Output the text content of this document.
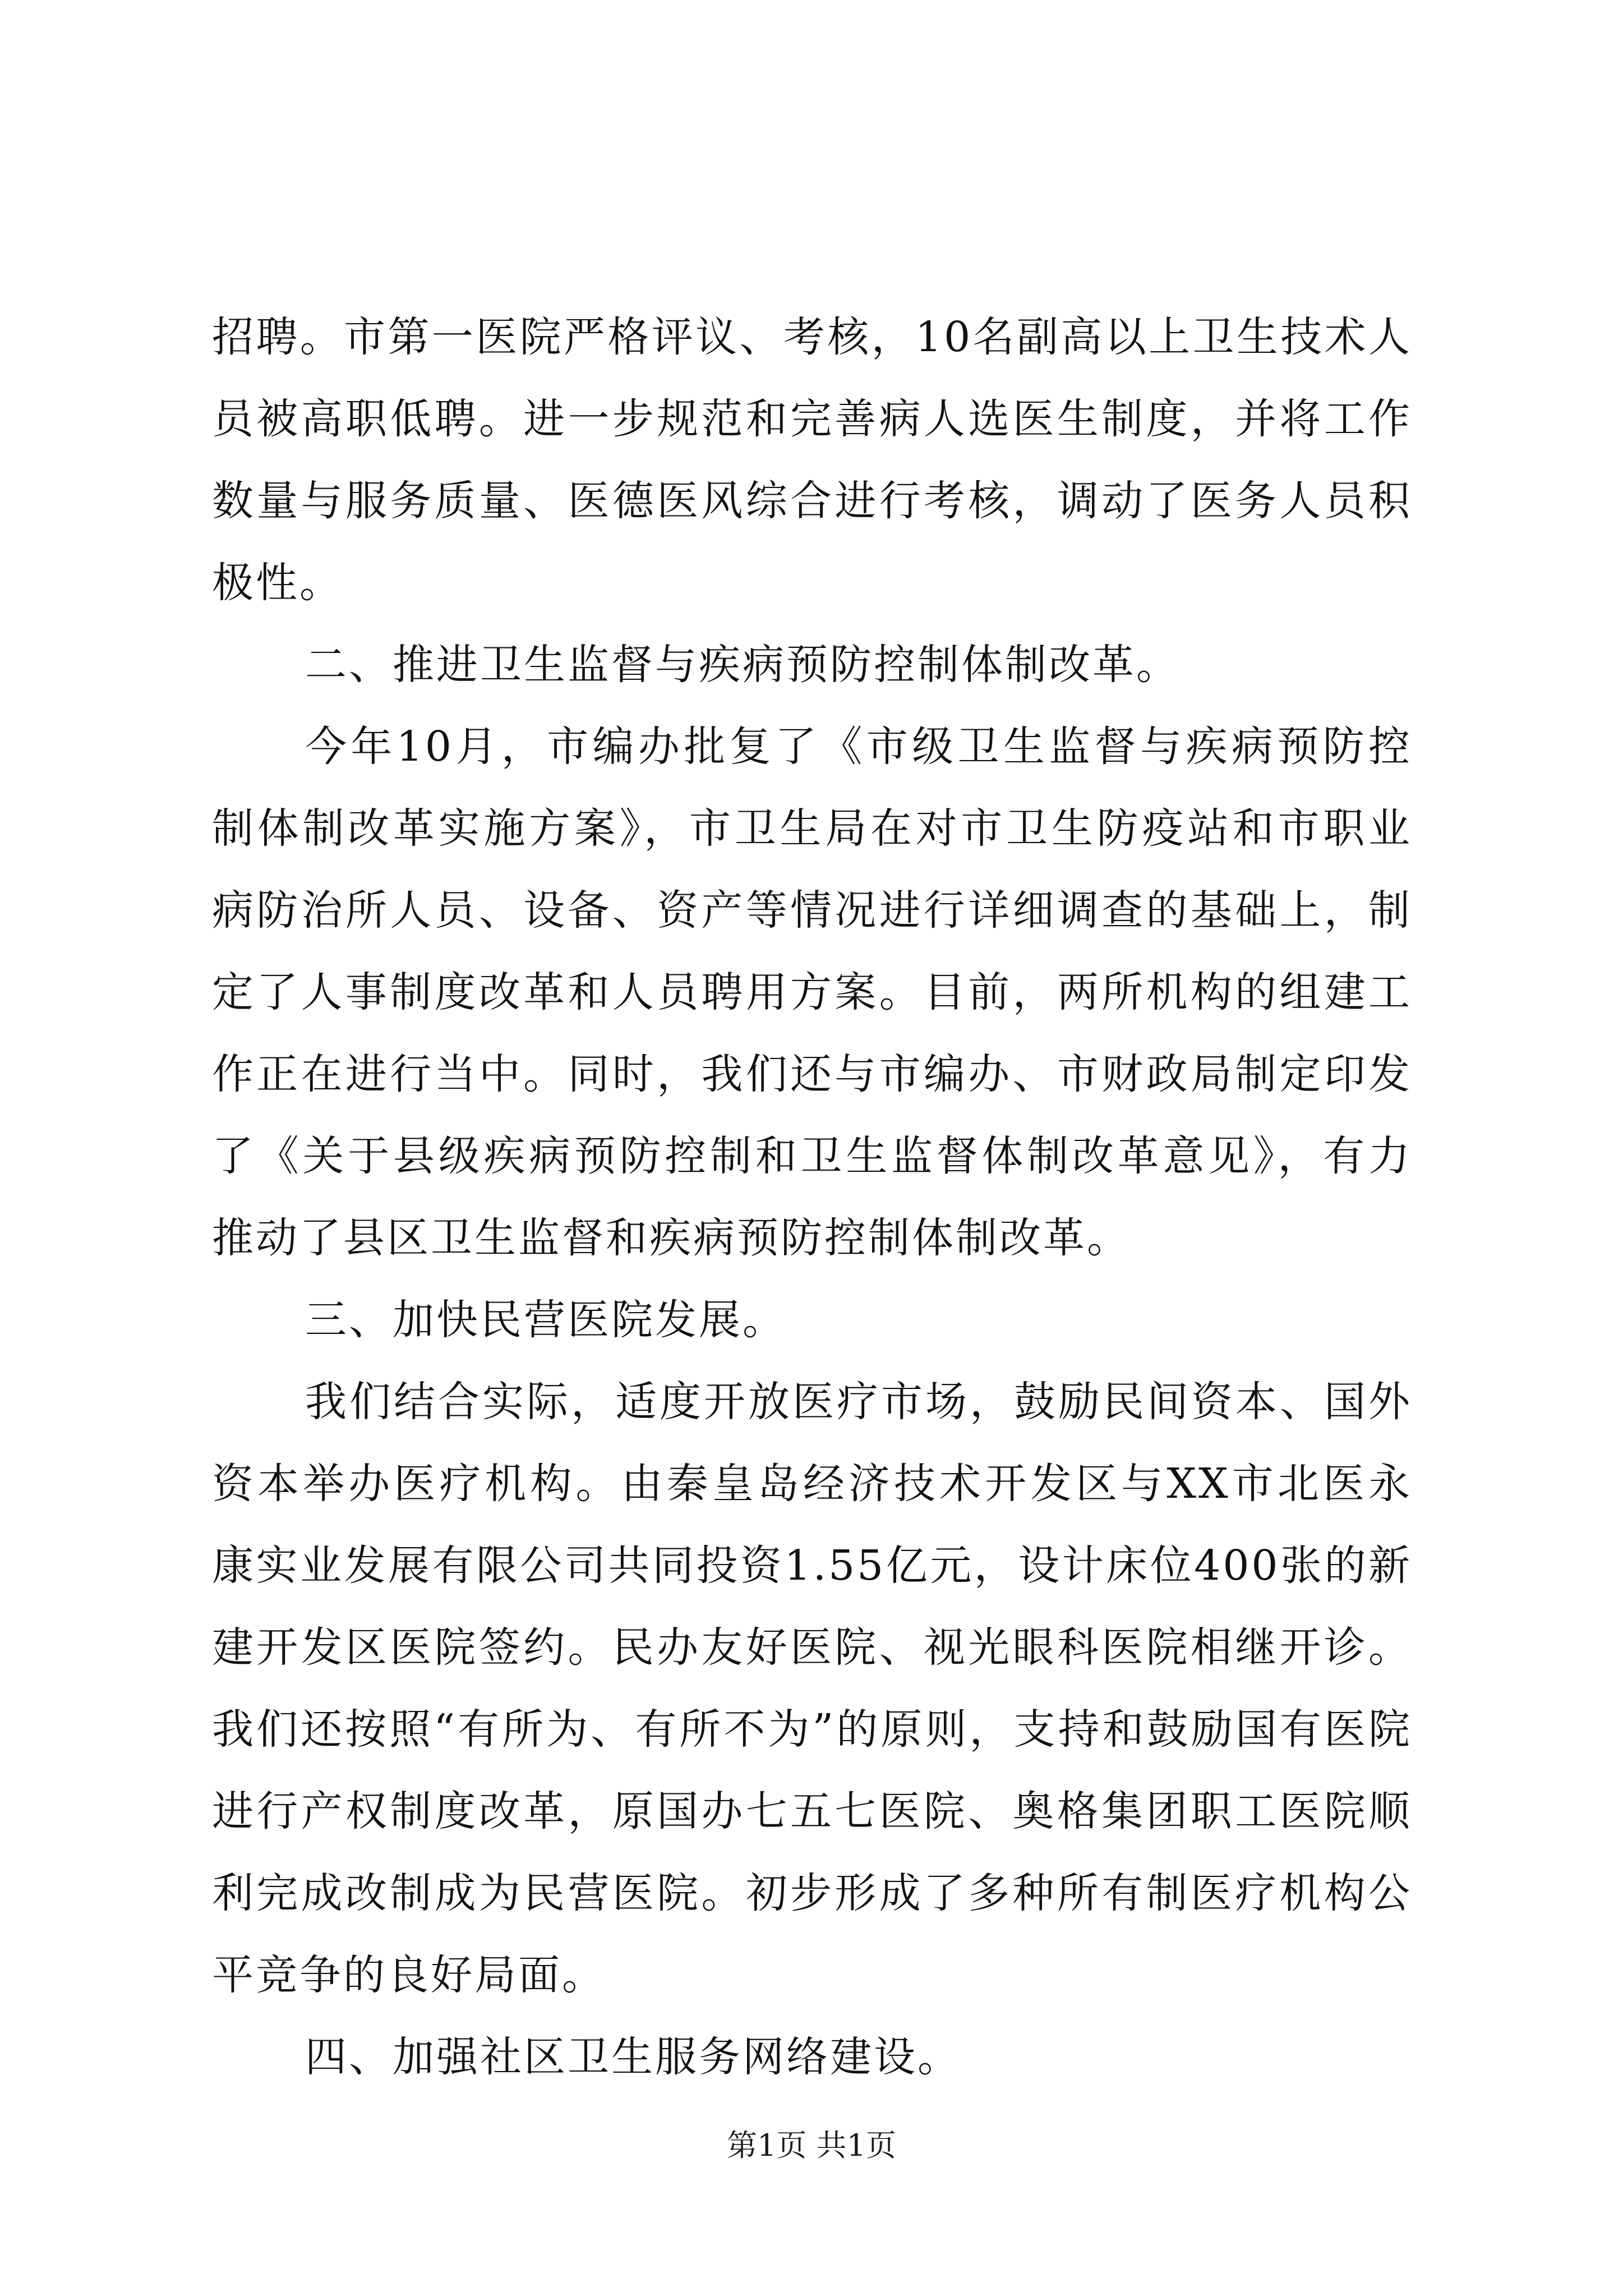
招聘。市第一医院严格评议、考核，10名副高以上卫生技术人员被高职低聘。进一步规范和完善病人选医生制度，并将工作数量与服务质量、医德医风综合进行考核，调动了医务人员积极性。

二、推进卫生监督与疾病预防控制体制改革。

今年10月，市编办批复了《市级卫生监督与疾病预防控制体制改革实施方案》，市卫生局在对市卫生防疫站和市职业病防治所人员、设备、资产等情况进行详细调查的基础上，制定了人事制度改革和人员聘用方案。目前，两所机构的组建工作正在进行当中。同时，我们还与市编办、市财政局制定印发了《关于县级疾病预防控制和卫生监督体制改革意见》，有力推动了县区卫生监督和疾病预防控制体制改革。

三、加快民营医院发展。

我们结合实际，适度开放医疗市场，鼓励民间资本、国外资本举办医疗机构。由秦皇岛经济技术开发区与XX市北医永康实业发展有限公司共同投资1.55亿元，设计床位400张的新建开发区医院签约。民办友好医院、视光眼科医院相继开诊。我们还按照“有所为、有所不为”的原则，支持和鼓励国有医院进行产权制度改革，原国办七五七医院、奥格集团职工医院顺利完成改制成为民营医院。初步形成了多种所有制医疗机构公平竞争的良好局面。

四、加强社区卫生服务网络建设。

第1页 共1页
